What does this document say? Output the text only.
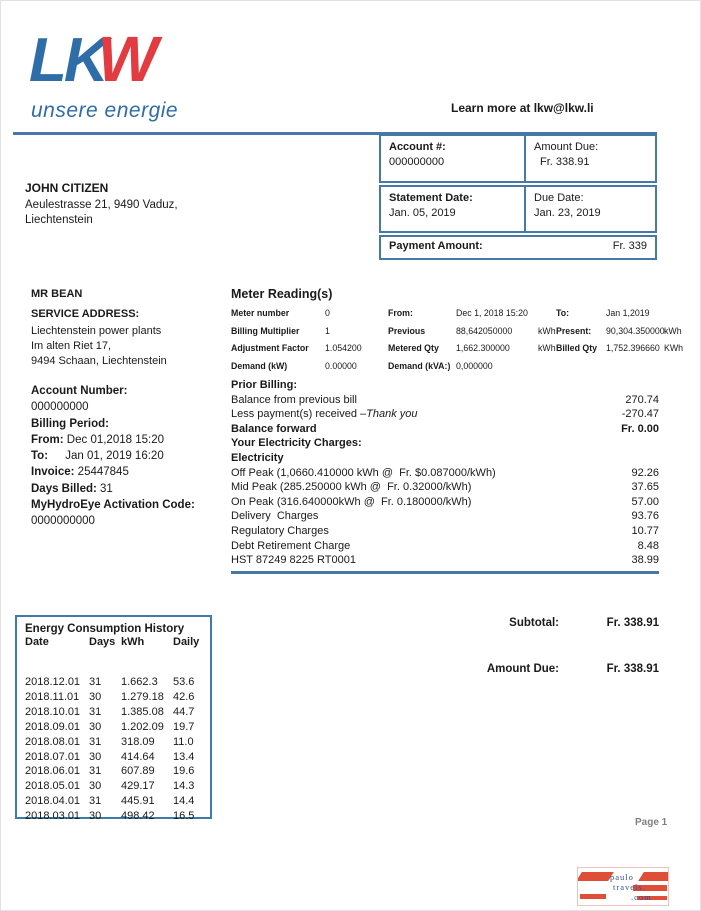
LKW
unsere energie	Learn more at lkw@lkw.li
Account #:
000000000
Amount Due:
Fr. 338.91
Statement Date:
Jan. 05, 2019
Due Date:
Jan. 23, 2019
Payment Amount:	Fr. 339
JOHN CITIZEN
Aeulestrasse 21, 9490 Vaduz,
Liechtenstein
MR BEAN
SERVICE ADDRESS:
Liechtenstein power plants
Im alten Riet 17,
9494 Schaan, Liechtenstein
Meter Reading(s)
Meter number	0	From:	Dec 1, 2018 15:20	To:	Jan 1,2019
Billing Multiplier	1	Previous	88,642050000	kWh Present:	90,304.350000 kWh
Adjustment Factor	1.054200	Metered Qty	1,662.300000	kWh Billed Qty	1,752.396660 KWh
Demand (kW)	0.00000	Demand (kVA:) 0,000000
Account Number:
000000000
Billing Period:
From: Dec 01,2018 15:20
To: Jan 01, 2019 16:20
Invoice: 25447845
Days Billed: 31
MyHydroEye Activation Code:
0000000000
Prior Billing:
Balance from previous bill	270.74
Less payment(s) received –Thank you	-270.47
Balance forward	Fr. 0.00
Your Electricity Charges:
Electricity
Off Peak (1,0660.410000 kWh @  Fr. $0.087000/kWh)	92.26
Mid Peak (285.250000 kWh @  Fr. 0.32000/kWh)	37.65
On Peak (316.640000kWh @  Fr. 0.180000/kWh)	57.00
Delivery  Charges	93.76
Regulatory Charges	10.77
Debt Retirement Charge	8.48
HST 87249 8225 RT0001	38.99
Energy Consumption History
Date	Days kWh	Daily
2018.12.01 31	1.662.3	53.6
2018.11.01 30	1.279.18 42.6
2018.10.01 31	1.385.08 44.7
2018.09.01 30	1.202.09 19.7
2018.08.01 31	318.09	11.0
2018.07.01 30	414.64	13.4
2018.06.01 31	607.89	19.6
2018.05.01 30	429.17	14.3
2018.04.01 31	445.91	14.4
2018.03.01 30	498.42	16.5
Subtotal:	Fr. 338.91
Amount Due:	Fr. 338.91
Page 1
paulo
travels.
.com
